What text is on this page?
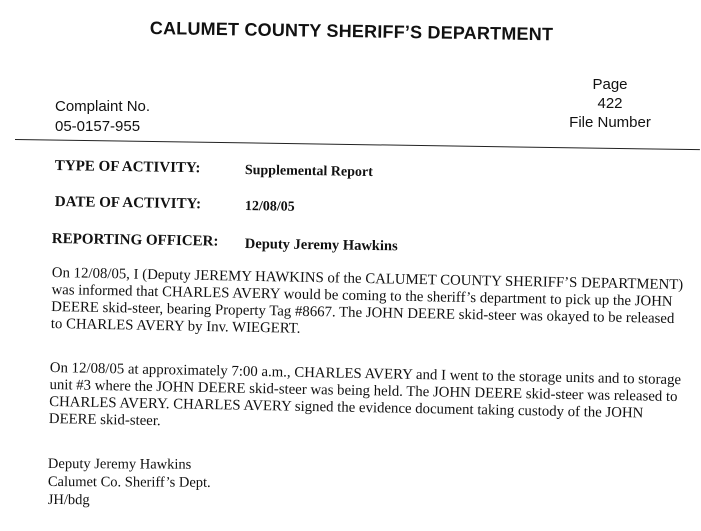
CALUMET COUNTY SHERIFF’S DEPARTMENT
Complaint No.
05-0157-955
Page
422
File Number
TYPE OF ACTIVITY:	Supplemental Report
DATE OF ACTIVITY:	12/08/05
REPORTING OFFICER: Deputy Jeremy Hawkins

On 12/08/05, I (Deputy JEREMY HAWKINS of the CALUMET COUNTY SHERIFF’S DEPARTMENT) was informed that CHARLES AVERY would be coming to the sheriff’s department to pick up the JOHN DEERE skid-steer, bearing Property Tag #8667. The JOHN DEERE skid-steer was okayed to be released to CHARLES AVERY by Inv. WIEGERT.

On 12/08/05 at approximately 7:00 a.m., CHARLES AVERY and I went to the storage units and to storage unit #3 where the JOHN DEERE skid-steer was being held. The JOHN DEERE skid-steer was released to CHARLES AVERY. CHARLES AVERY signed the evidence document taking custody of the JOHN DEERE skid-steer.

Deputy Jeremy Hawkins
Calumet Co. Sheriff’s Dept.
JH/bdg
